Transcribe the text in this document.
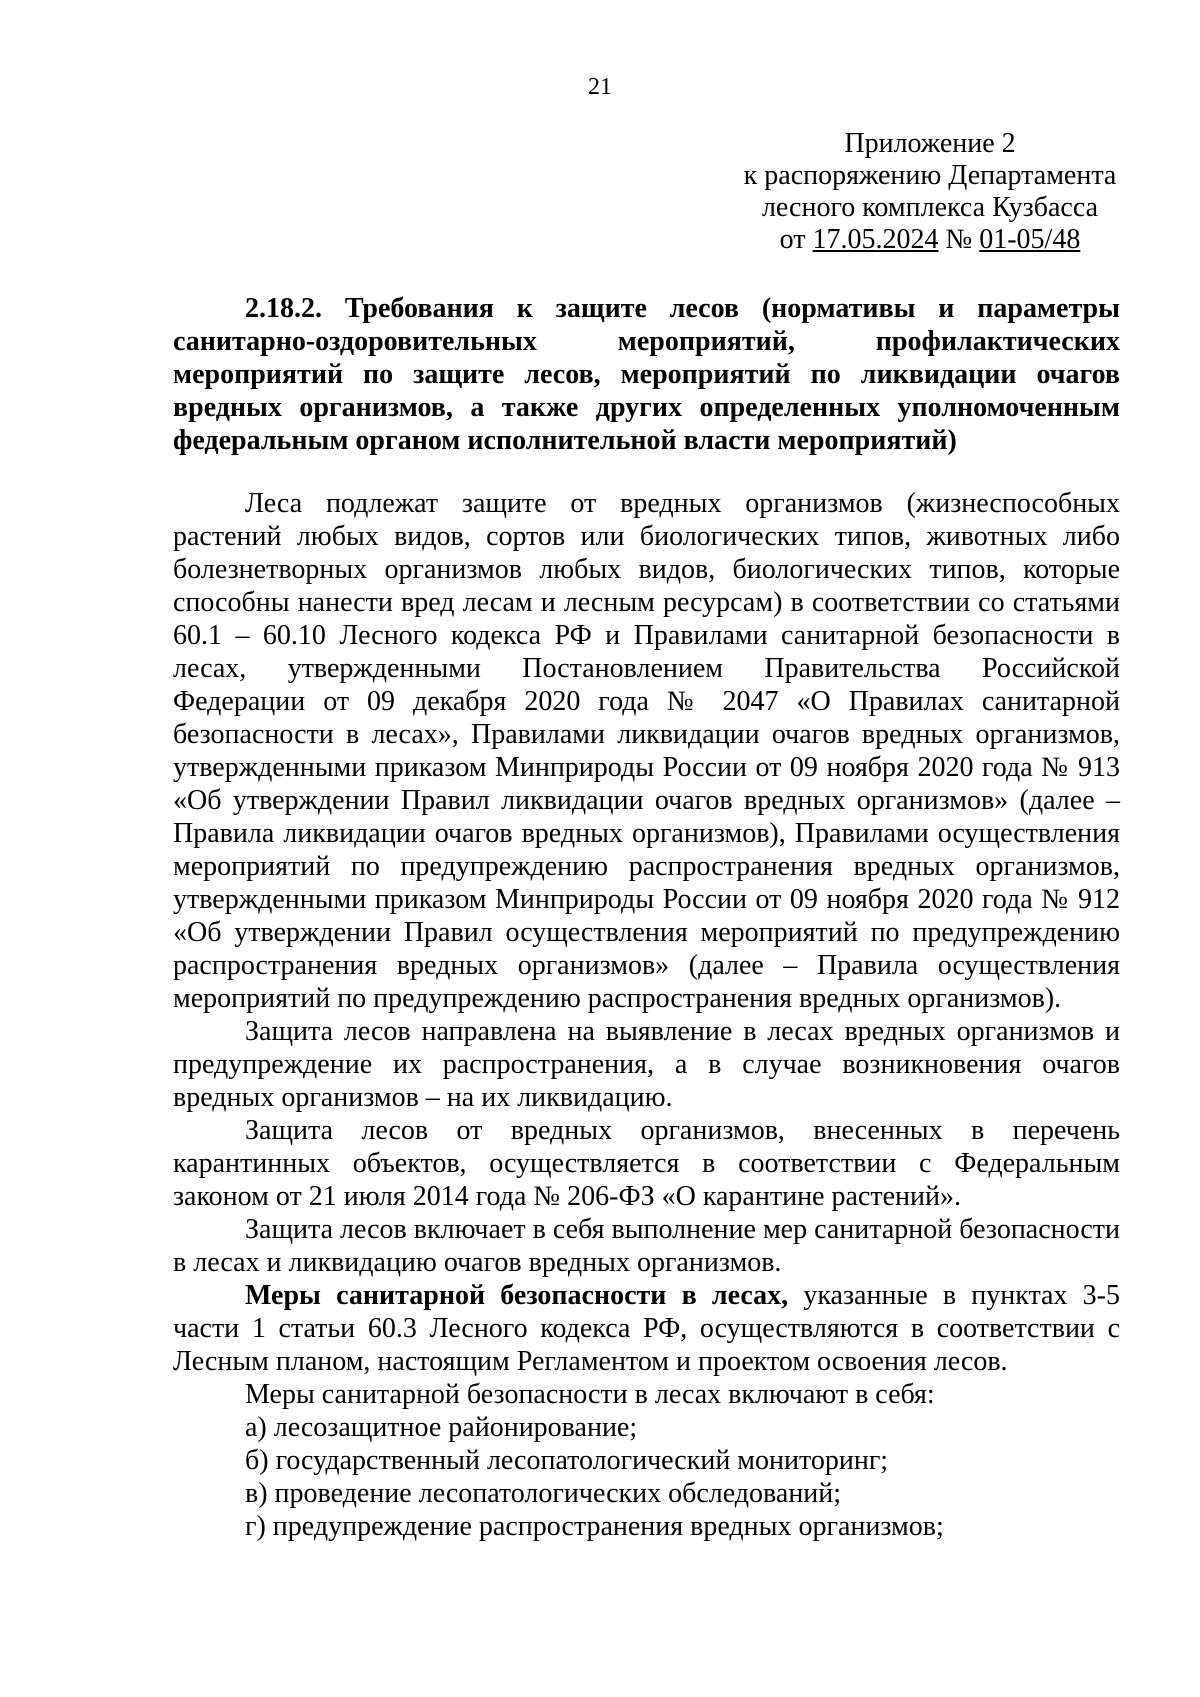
21
Приложение 2
к распоряжению Департамента
лесного комплекса Кузбасса
от 17.05.2024 № 01-05/48
2.18.2. Требования к защите лесов (нормативы и параметры
санитарно-оздоровительных мероприятий, профилактических
мероприятий по защите лесов, мероприятий по ликвидации очагов
вредных организмов, а также других определенных уполномоченным
федеральным органом исполнительной власти мероприятий)

Леса подлежат защите от вредных организмов (жизнеспособных растений любых видов, сортов или биологических типов, животных либо болезнетворных организмов любых видов, биологических типов, которые способны нанести вред лесам и лесным ресурсам) в соответствии со статьями 60.1 – 60.10 Лесного кодекса РФ и Правилами санитарной безопасности в лесах, утвержденными Постановлением Правительства Российской Федерации от 09 декабря 2020 года № 2047 «О Правилах санитарной безопасности в лесах», Правилами ликвидации очагов вредных организмов, утвержденными приказом Минприроды России от 09 ноября 2020 года № 913 «Об утверждении Правил ликвидации очагов вредных организмов» (далее – Правила ликвидации очагов вредных организмов), Правилами осуществления мероприятий по предупреждению распространения вредных организмов, утвержденными приказом Минприроды России от 09 ноября 2020 года № 912 «Об утверждении Правил осуществления мероприятий по предупреждению распространения вредных организмов» (далее – Правила осуществления мероприятий по предупреждению распространения вредных организмов).

Защита лесов направлена на выявление в лесах вредных организмов и предупреждение их распространения, а в случае возникновения очагов вредных организмов – на их ликвидацию.

Защита лесов от вредных организмов, внесенных в перечень карантинных объектов, осуществляется в соответствии с Федеральным законом от 21 июля 2014 года № 206-ФЗ «О карантине растений».

Защита лесов включает в себя выполнение мер санитарной безопасности в лесах и ликвидацию очагов вредных организмов.

Меры санитарной безопасности в лесах, указанные в пунктах 3-5 части 1 статьи 60.3 Лесного кодекса РФ, осуществляются в соответствии с Лесным планом, настоящим Регламентом и проектом освоения лесов.

Меры санитарной безопасности в лесах включают в себя:

а) лесозащитное районирование;
б) государственный лесопатологический мониторинг;
в) проведение лесопатологических обследований;
г) предупреждение распространения вредных организмов;
